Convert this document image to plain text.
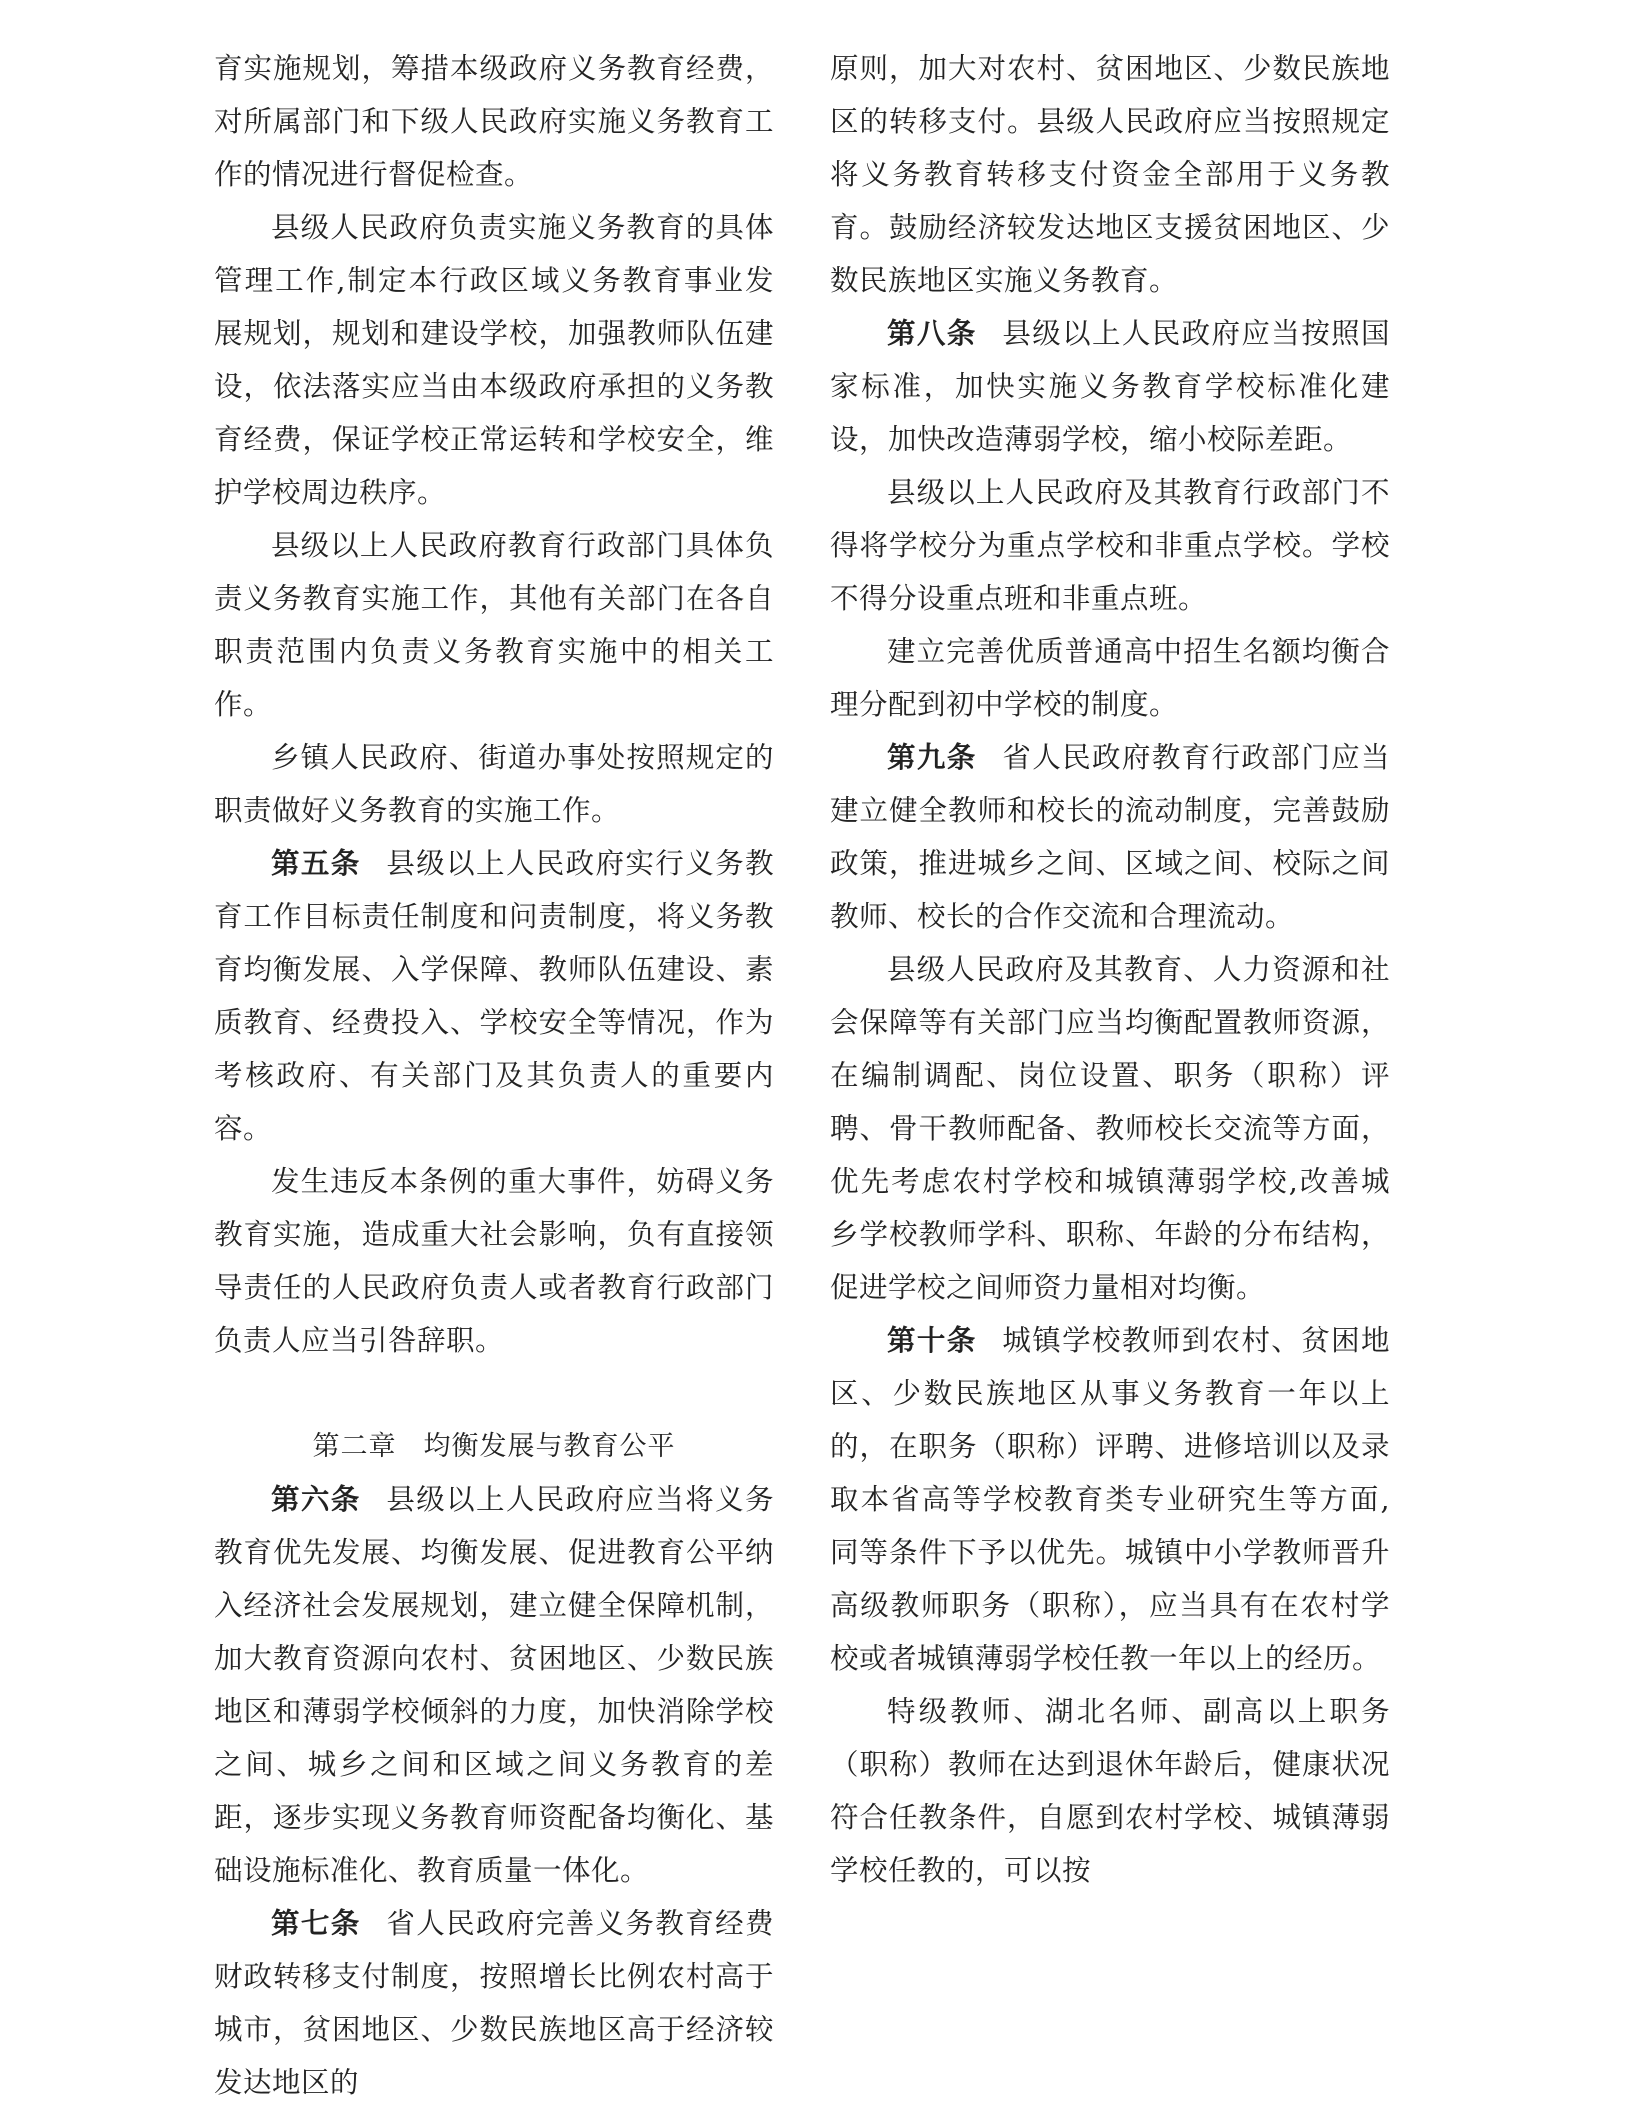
育实施规划，筹措本级政府义务教育经费，对所属部门和下级人民政府实施义务教育工作的情况进行督促检查。

县级人民政府负责实施义务教育的具体管理工作,制定本行政区域义务教育事业发展规划，规划和建设学校，加强教师队伍建设，依法落实应当由本级政府承担的义务教育经费，保证学校正常运转和学校安全，维护学校周边秩序。

县级以上人民政府教育行政部门具体负责义务教育实施工作，其他有关部门在各自职责范围内负责义务教育实施中的相关工作。

乡镇人民政府、街道办事处按照规定的职责做好义务教育的实施工作。

第五条 县级以上人民政府实行义务教育工作目标责任制度和问责制度，将义务教育均衡发展、入学保障、教师队伍建设、素质教育、经费投入、学校安全等情况，作为考核政府、有关部门及其负责人的重要内容。

发生违反本条例的重大事件，妨碍义务教育实施，造成重大社会影响，负有直接领导责任的人民政府负责人或者教育行政部门负责人应当引咎辞职。

第二章 均衡发展与教育公平

第六条 县级以上人民政府应当将义务教育优先发展、均衡发展、促进教育公平纳入经济社会发展规划，建立健全保障机制，加大教育资源向农村、贫困地区、少数民族地区和薄弱学校倾斜的力度，加快消除学校之间、城乡之间和区域之间义务教育的差距，逐步实现义务教育师资配备均衡化、基础设施标准化、教育质量一体化。

第七条 省人民政府完善义务教育经费财政转移支付制度，按照增长比例农村高于城市，贫困地区、少数民族地区高于经济较发达地区的

原则，加大对农村、贫困地区、少数民族地区的转移支付。县级人民政府应当按照规定将义务教育转移支付资金全部用于义务教育。鼓励经济较发达地区支援贫困地区、少数民族地区实施义务教育。

第八条 县级以上人民政府应当按照国家标准，加快实施义务教育学校标准化建设，加快改造薄弱学校，缩小校际差距。

县级以上人民政府及其教育行政部门不得将学校分为重点学校和非重点学校。学校不得分设重点班和非重点班。

建立完善优质普通高中招生名额均衡合理分配到初中学校的制度。

第九条 省人民政府教育行政部门应当建立健全教师和校长的流动制度，完善鼓励政策，推进城乡之间、区域之间、校际之间教师、校长的合作交流和合理流动。

县级人民政府及其教育、人力资源和社会保障等有关部门应当均衡配置教师资源，在编制调配、岗位设置、职务（职称）评聘、骨干教师配备、教师校长交流等方面，优先考虑农村学校和城镇薄弱学校,改善城乡学校教师学科、职称、年龄的分布结构，促进学校之间师资力量相对均衡。

第十条 城镇学校教师到农村、贫困地区、少数民族地区从事义务教育一年以上的，在职务（职称）评聘、进修培训以及录取本省高等学校教育类专业研究生等方面,同等条件下予以优先。城镇中小学教师晋升高级教师职务（职称），应当具有在农村学校或者城镇薄弱学校任教一年以上的经历。

特级教师、湖北名师、副高以上职务（职称）教师在达到退休年龄后，健康状况符合任教条件，自愿到农村学校、城镇薄弱学校任教的，可以按
